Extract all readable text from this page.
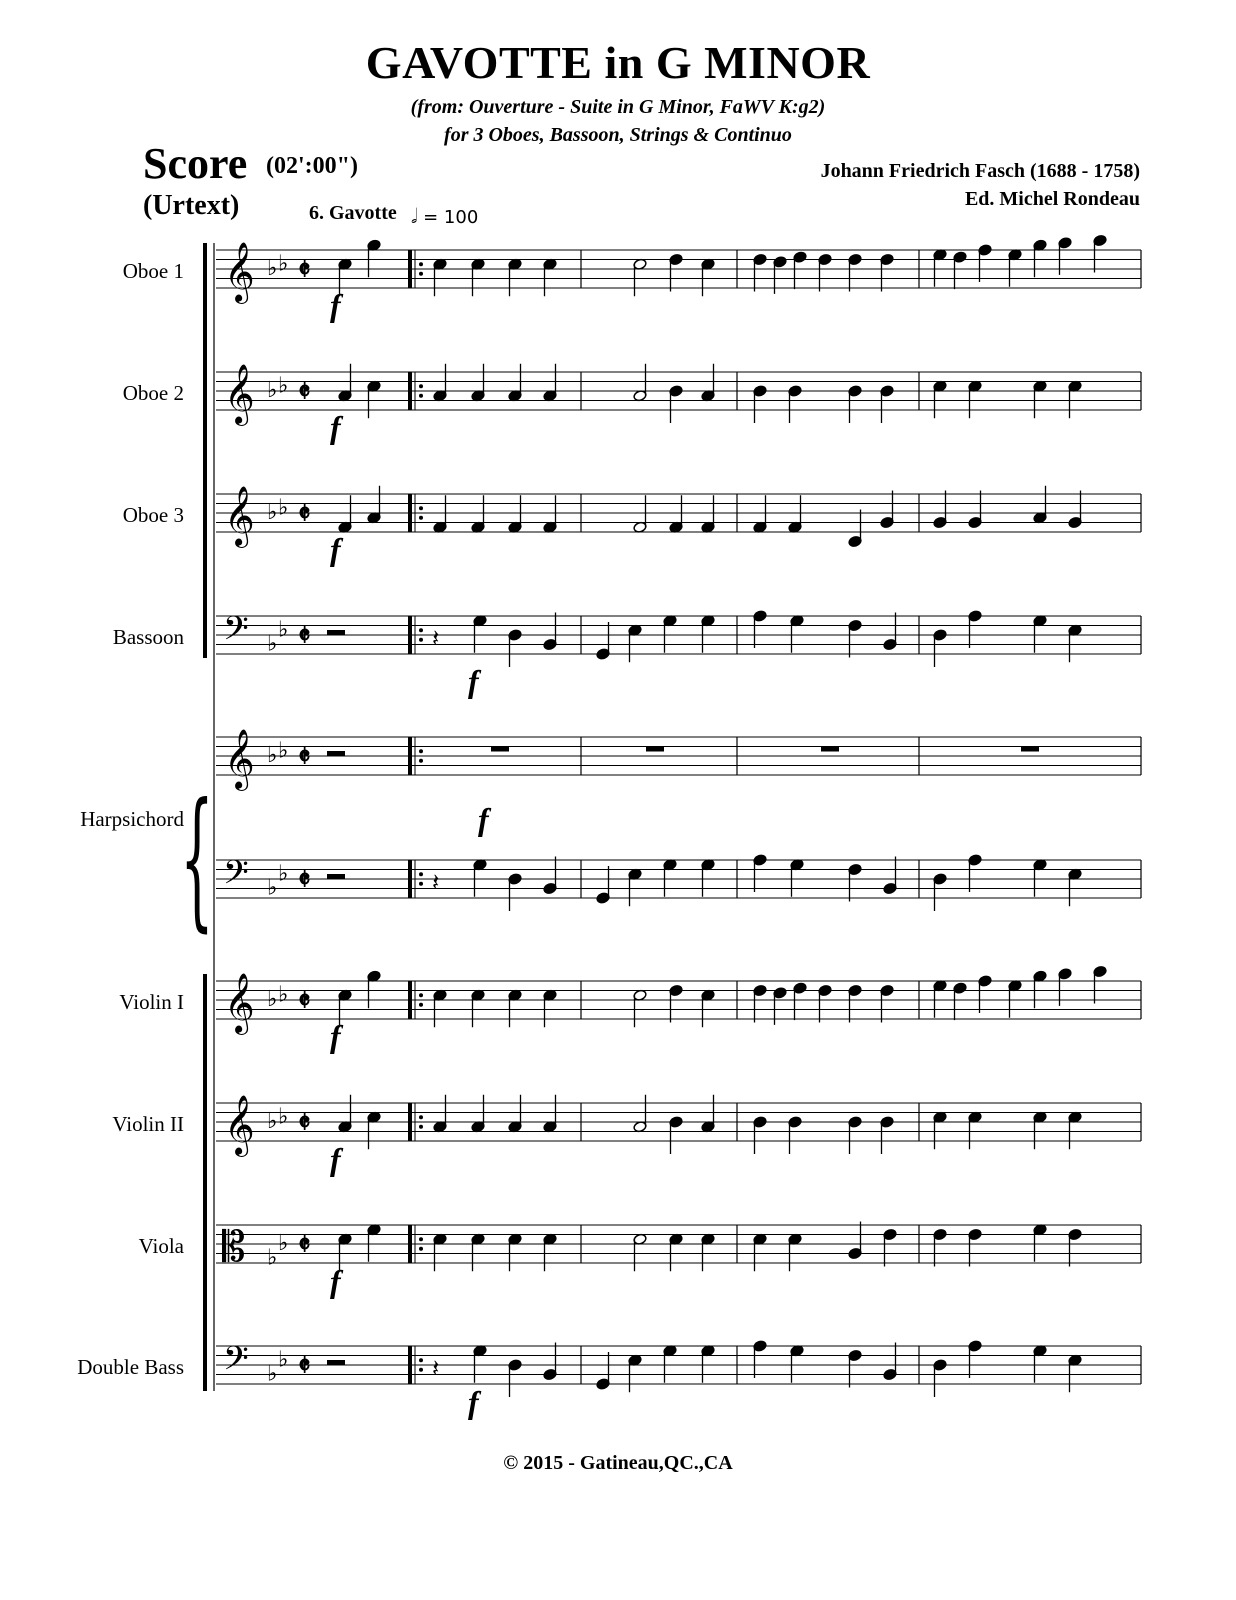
GAVOTTE in G MINOR
(from: Ouverture - Suite in G Minor, FaWV K:g2)
for 3 Oboes, Bassoon, Strings & Continuo
Score (02':00")
(Urtext)
Johann Friedrich Fasch (1688 - 1758)
Ed. Michel Rondeau
6. Gavotte 𝅗𝅥 = 100
Oboe 1
Oboe 2
Oboe 3
Bassoon
Harpsichord
Violin I
Violin II
Viola
Double Bass
𝄞 ♭ ♭ 𝄵
𝄞 ♭ ♭ 𝄵
𝄞 ♭ ♭ 𝄵
𝄢 ♭
♭ 𝄵	𝄽
𝄞 ♭ ♭ 𝄵
𝄢 ♭
♭ 𝄵	𝄽
𝄞 ♭ ♭ 𝄵
𝄞 ♭ ♭ 𝄵
𝄡 ♭
♭ 𝄵
𝄢 ♭
♭ 𝄵	𝄽
f
f
f
f
f
f
f
f
f
{
© 2015 - Gatineau,QC.,CA
